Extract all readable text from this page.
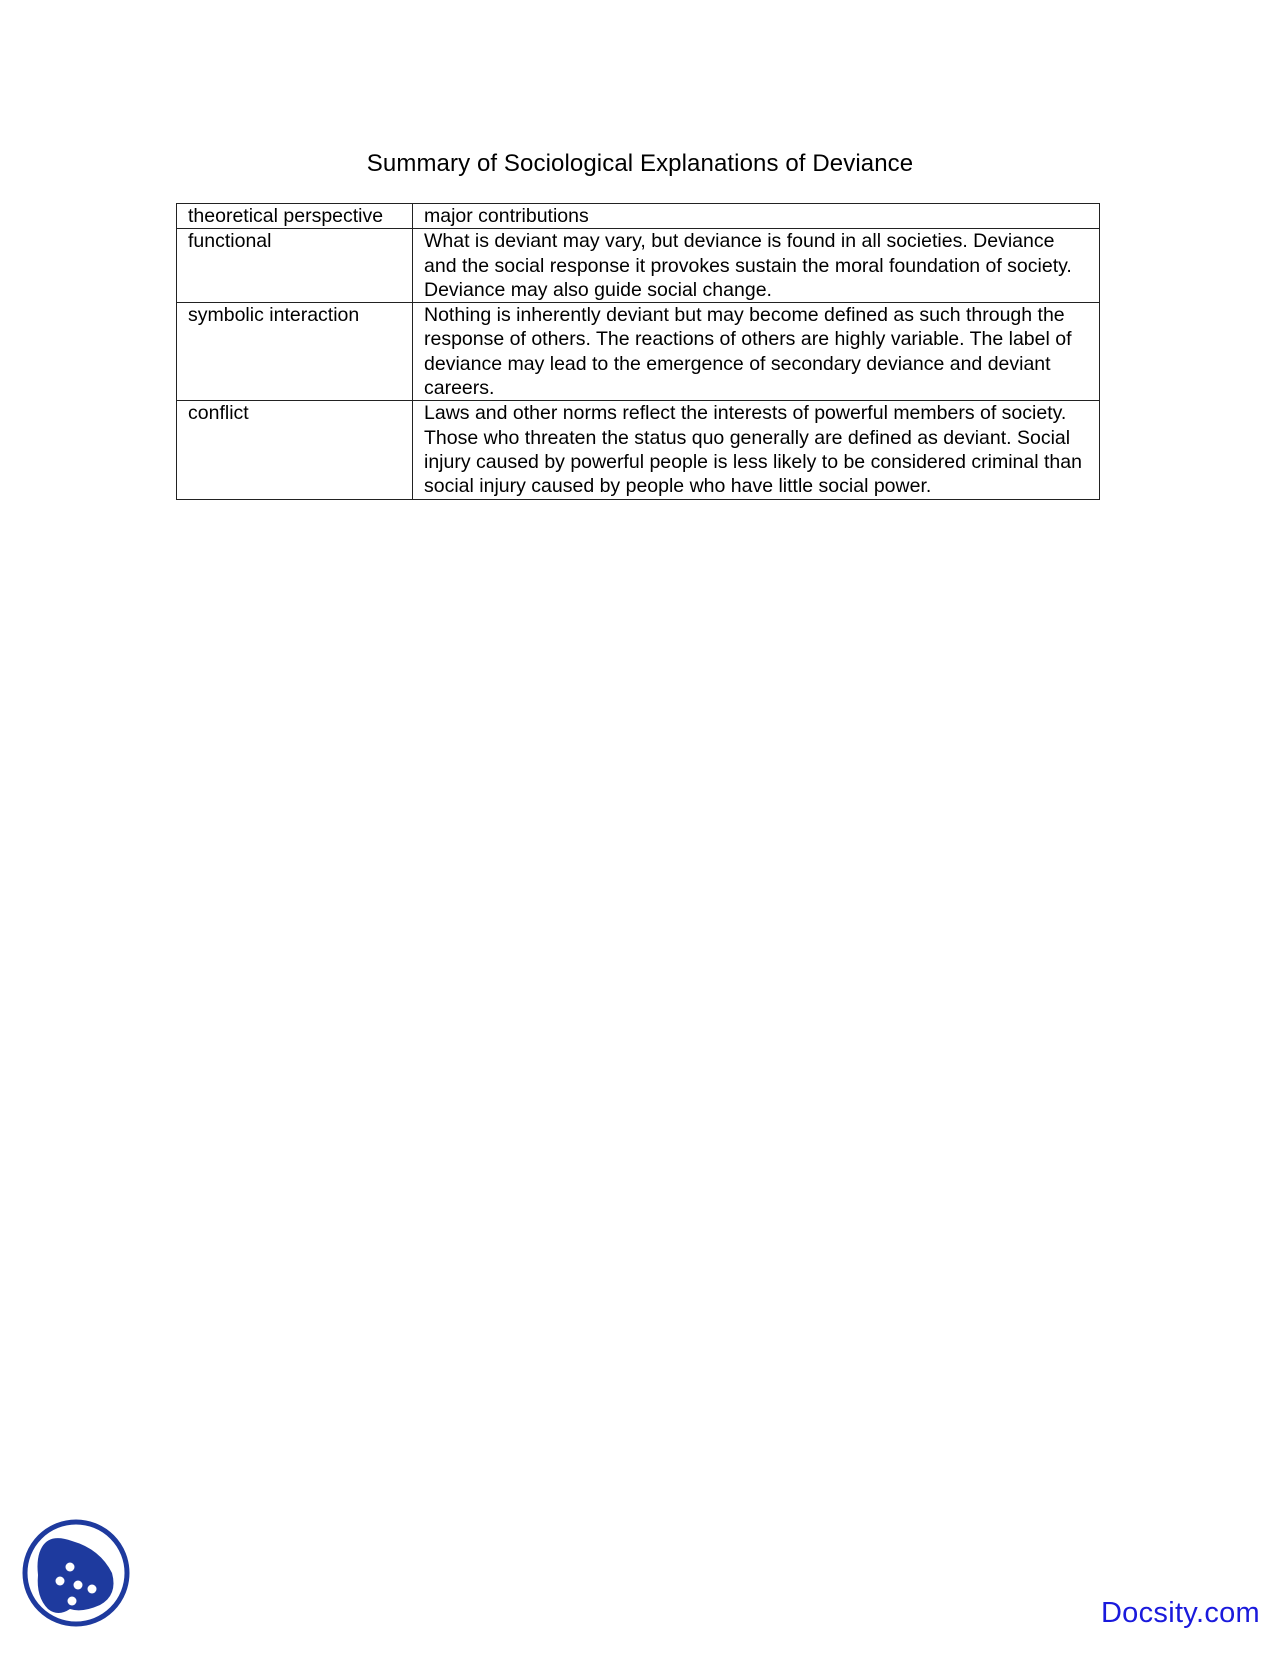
Summary of Sociological Explanations of Deviance
theoretical perspective	major contributions
functional	What is deviant may vary, but deviance is found in all societies. Deviance and the social response it provokes sustain the moral foundation of society. Deviance may also guide social change.
symbolic interaction	Nothing is inherently deviant but may become defined as such through the response of others. The reactions of others are highly variable. The label of deviance may lead to the emergence of secondary deviance and deviant careers.
conflict	Laws and other norms reflect the interests of powerful members of society. Those who threaten the status quo generally are defined as deviant. Social injury caused by powerful people is less likely to be considered criminal than social injury caused by people who have little social power.
Docsity.com
